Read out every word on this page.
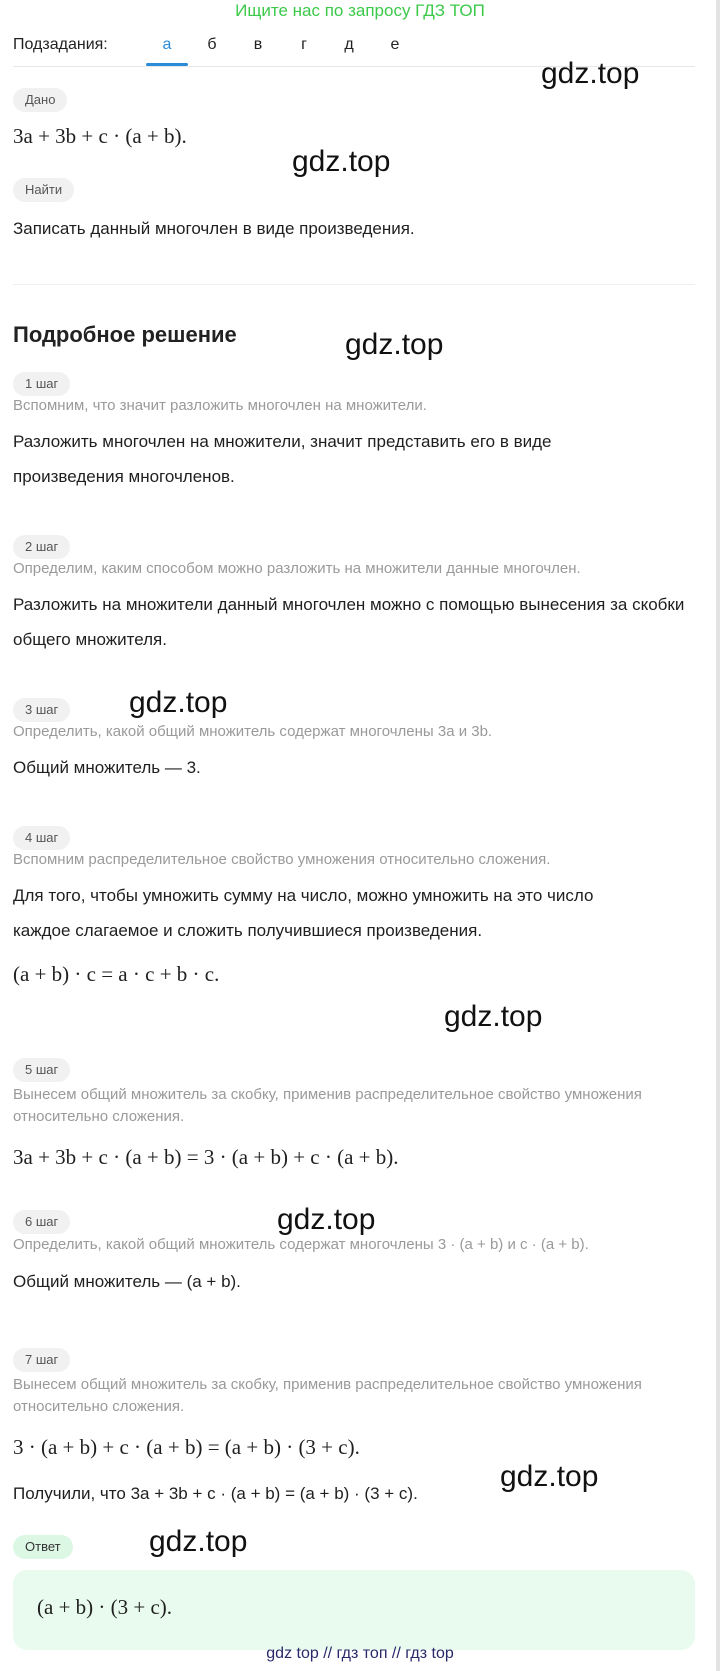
Ищите нас по запросу ГДЗ ТОП
Подзадания:	а	б	в	г	д	е
Дано
3a + 3b + c · (a + b).
Найти
Записать данный многочлен в виде произведения.
Подробное решение
1 шаг
Вспомним, что значит разложить многочлен на множители.
Разложить многочлен на множители, значит представить его в виде произведения многочленов.
2 шаг
Определим, каким способом можно разложить на множители данные многочлен.
Разложить на множители данный многочлен можно с помощью вынесения за скобки общего множителя.
3 шаг
Определить, какой общий множитель содержат многочлены 3a и 3b.
Общий множитель — 3.
4 шаг
Вспомним распределительное свойство умножения относительно сложения.
Для того, чтобы умножить сумму на число, можно умножить на это число каждое слагаемое и сложить получившиеся произведения.
(a + b) · c = a · c + b · c.
5 шаг
Вынесем общий множитель за скобку, применив распределительное свойство умножения относительно сложения.
3a + 3b + c · (a + b) = 3 · (a + b) + c · (a + b).
6 шаг
Определить, какой общий множитель содержат многочлены 3 · (a + b) и c · (a + b).
Общий множитель — (a + b).
7 шаг
Вынесем общий множитель за скобку, применив распределительное свойство умножения относительно сложения.
3 · (a + b) + c · (a + b) = (a + b) · (3 + c).
Получили, что 3a + 3b + c · (a + b) = (a + b) · (3 + c).
Ответ
(a + b) · (3 + c).
gdz.top
gdz.top
gdz.top
gdz.top
gdz.top
gdz.top
gdz.top
gdz.top
gdz top // гдз топ // гдз top
